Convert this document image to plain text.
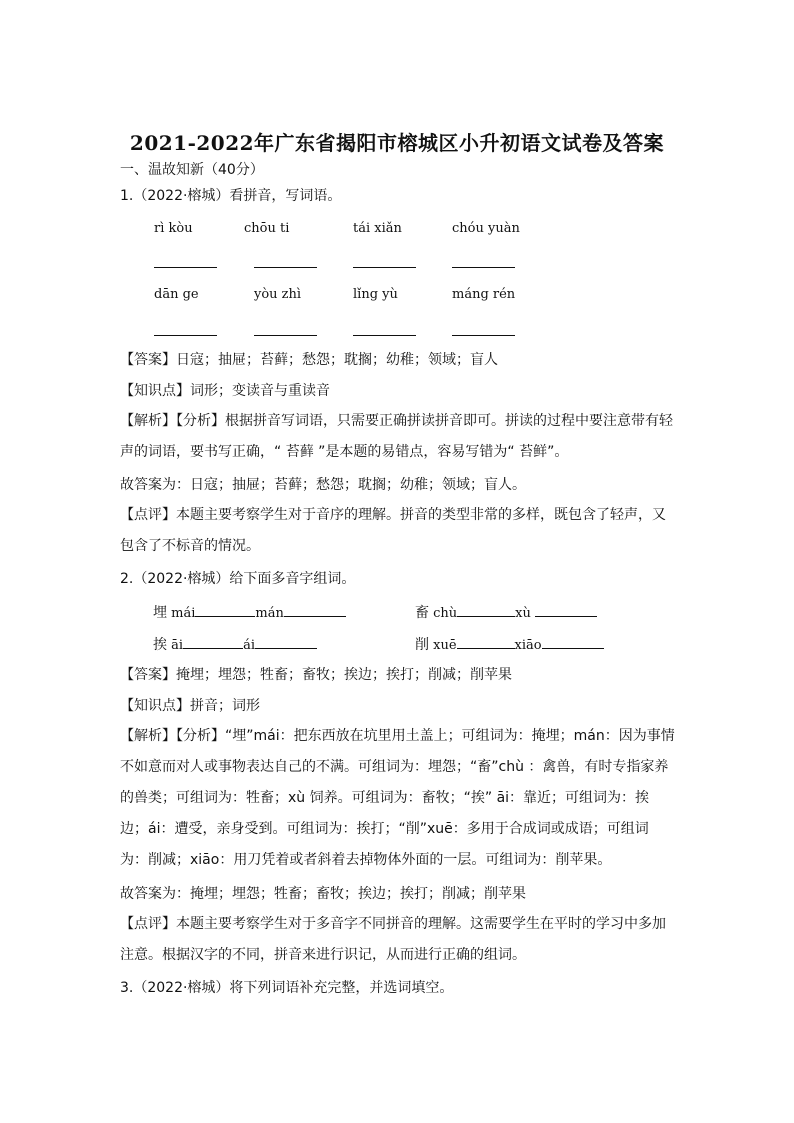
2021-2022年广东省揭阳市榕城区小升初语文试卷及答案
一、温故知新（40分）
1.（2022·榕城）看拼音，写词语。
rì kòu	chōu ti	tái xiǎn	chóu yuàn
dān ge	yòu zhì	lǐng yù	máng rén
【答案】日寇；抽屉；苔藓；愁怨；耽搁；幼稚；领域；盲人
【知识点】词形；变读音与重读音
【解析】【分析】根据拼音写词语，只需要正确拼读拼音即可。拼读的过程中要注意带有轻声的词语，要书写正确，“ 苔藓 ”是本题的易错点，容易写错为“ 苔鲜”。
故答案为：日寇；抽屉；苔藓；愁怨；耽搁；幼稚；领域；盲人。
【点评】本题主要考察学生对于音序的理解。拼音的类型非常的多样，既包含了轻声，又包含了不标音的情况。
2.（2022·榕城）给下面多音字组词。
埋 mái	mán	畜 chù	xù
挨 āi	ái	削 xuē	xiāo
【答案】掩埋；埋怨；牲畜；畜牧；挨边；挨打；削减；削苹果
【知识点】拼音；词形
【解析】【分析】“埋”mái：把东西放在坑里用土盖上；可组词为：掩埋；mán：因为事情不如意而对人或事物表达自己的不满。可组词为：埋怨；“畜”chù ：禽兽，有时专指家养的兽类；可组词为：牲畜；xù 饲养。可组词为：畜牧；“挨” āi：靠近；可组词为：挨边；ái：遭受，亲身受到。可组词为：挨打；“削”xuē：多用于合成词或成语；可组词为：削减；xiāo：用刀凭着或者斜着去掉物体外面的一层。可组词为：削苹果。
故答案为：掩埋；埋怨；牲畜；畜牧；挨边；挨打；削减；削苹果
【点评】本题主要考察学生对于多音字不同拼音的理解。这需要学生在平时的学习中多加注意。根据汉字的不同，拼音来进行识记，从而进行正确的组词。
3.（2022·榕城）将下列词语补充完整，并选词填空。
